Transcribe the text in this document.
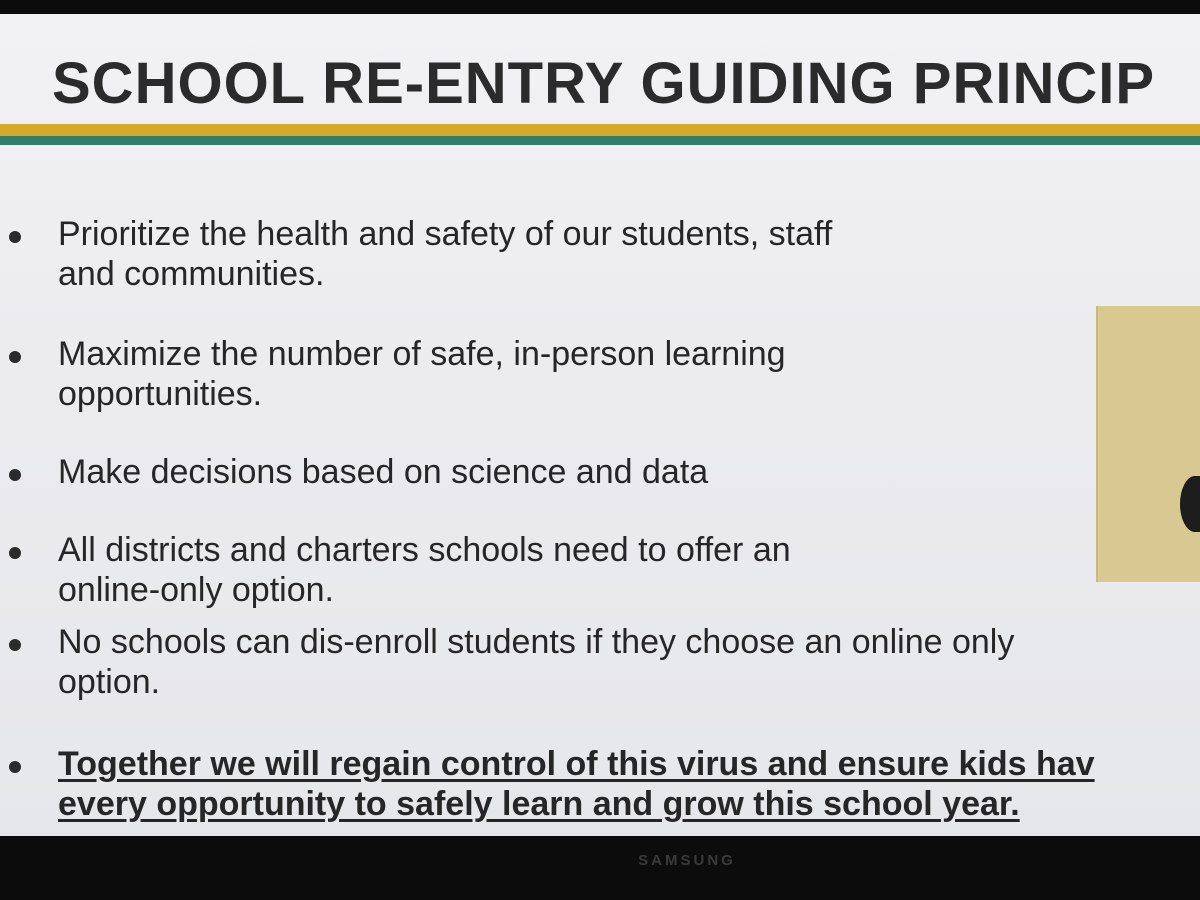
SCHOOL RE-ENTRY GUIDING PRINCIP
Prioritize the health and safety of our students, staff
and communities.
Maximize the number of safe, in-person learning
opportunities.
Make decisions based on science and data
All districts and charters schools need to offer an
online-only option.
No schools can dis-enroll students if they choose an online only
option.
Together we will regain control of this virus and ensure kids hav
every opportunity to safely learn and grow this school year.
SAMSUNG
